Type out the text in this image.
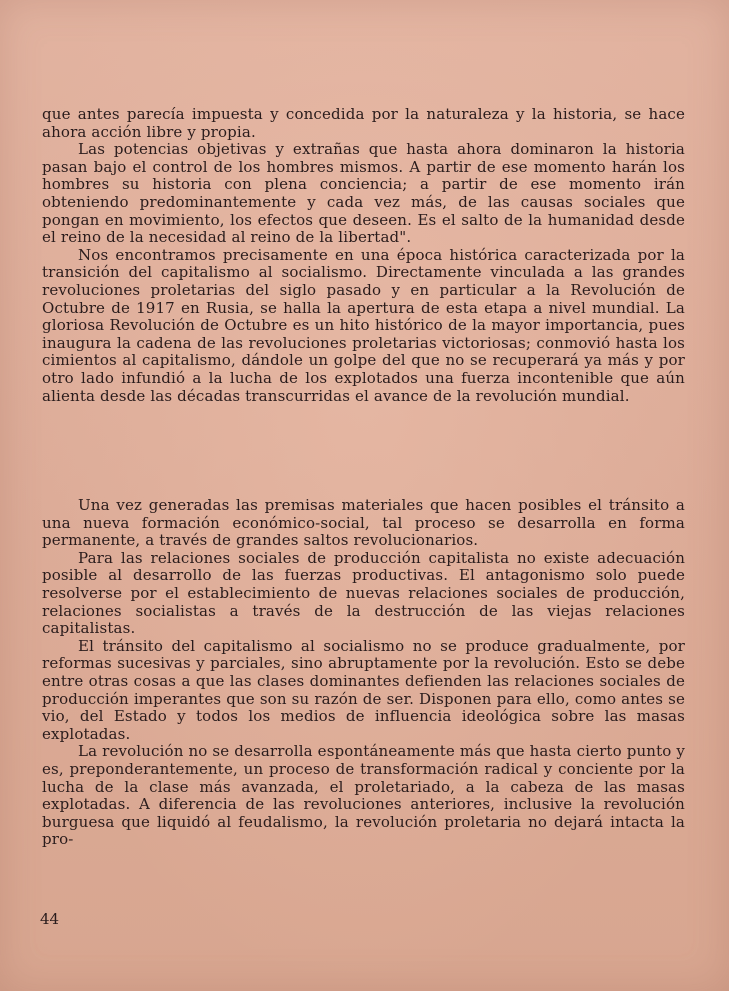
que antes parecía impuesta y concedida por la naturaleza y la historia, se hace ahora acción libre y propia.

Las potencias objetivas y extrañas que hasta ahora dominaron la historia pasan bajo el control de los hombres mismos. A partir de ese momento harán los hombres su historia con plena conciencia; a partir de ese momento irán obteniendo predominantemente y cada vez más, de las causas sociales que pongan en movimiento, los efectos que deseen. Es el salto de la humanidad desde el reino de la necesidad al reino de la libertad".

Nos encontramos precisamente en una época histórica caracterizada por la transición del capitalismo al socialismo. Directamente vinculada a las grandes revoluciones proletarias del siglo pasado y en particular a la Revolución de Octubre de 1917 en Rusia, se halla la apertura de esta etapa a nivel mundial. La gloriosa Revolución de Octubre es un hito histórico de la mayor importancia, pues inaugura la cadena de las revoluciones proletarias victoriosas; conmovió hasta los cimientos al capitalismo, dándole un golpe del que no se recuperará ya más y por otro lado infundió a la lucha de los explotados una fuerza incontenible que aún alienta desde las décadas transcurridas el avance de la revolución mundial.

Una vez generadas las premisas materiales que hacen posibles el tránsito a una nueva formación económico-social, tal proceso se desarrolla en forma permanente, a través de grandes saltos revolucionarios.

Para las relaciones sociales de producción capitalista no existe adecuación posible al desarrollo de las fuerzas productivas. El antagonismo solo puede resolverse por el establecimiento de nuevas relaciones sociales de producción, relaciones socialistas a través de la destrucción de las viejas relaciones capitalistas.

El tránsito del capitalismo al socialismo no se produce gradualmente, por reformas sucesivas y parciales, sino abruptamente por la revolución. Esto se debe entre otras cosas a que las clases dominantes defienden las relaciones sociales de producción imperantes que son su razón de ser. Disponen para ello, como antes se vio, del Estado y todos los medios de influencia ideológica sobre las masas explotadas.

La revolución no se desarrolla espontáneamente más que hasta cierto punto y es, preponderantemente, un proceso de transformación radical y conciente por la lucha de la clase más avanzada, el proletariado, a la cabeza de las masas explotadas. A diferencia de las revoluciones anteriores, inclusive la revolución burguesa que liquidó al feudalismo, la revolución proletaria no dejará intacta la pro-

44
